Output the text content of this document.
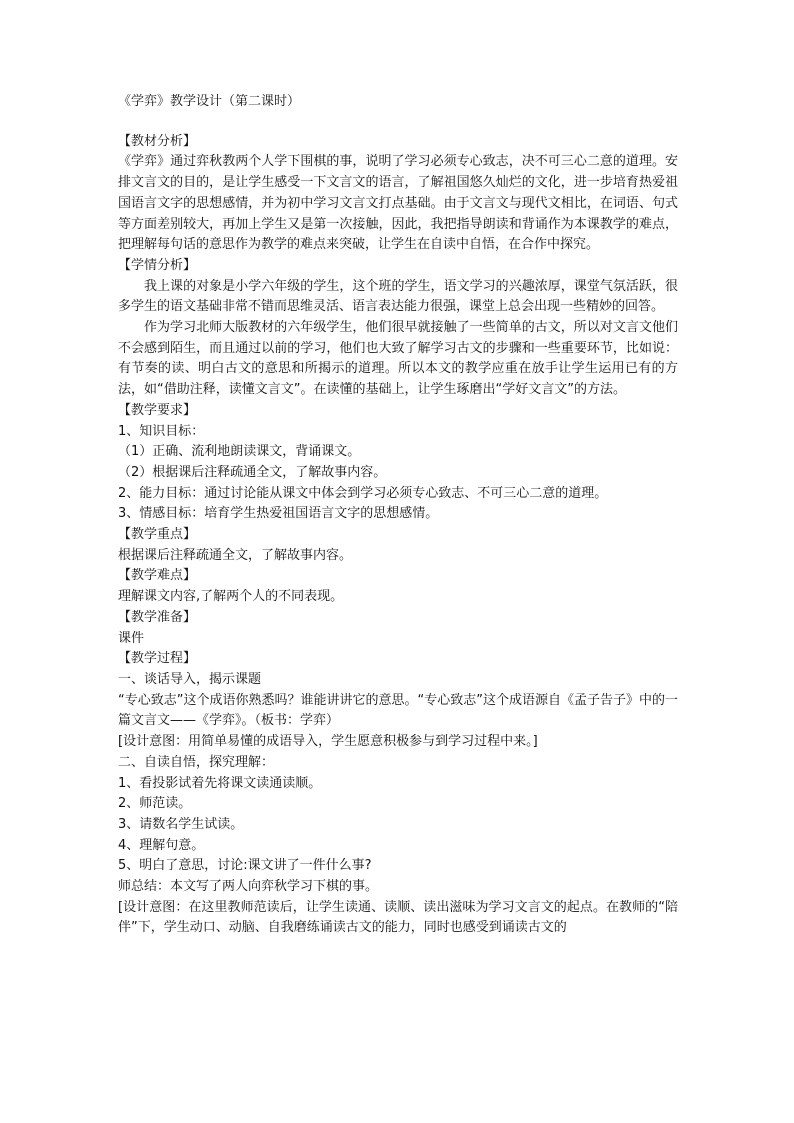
《学弈》教学设计（第二课时）

【教材分析】

《学弈》通过弈秋教两个人学下围棋的事，说明了学习必须专心致志，决不可三心二意的道理。安排文言文的目的，是让学生感受一下文言文的语言，了解祖国悠久灿烂的文化，进一步培育热爱祖国语言文字的思想感情，并为初中学习文言文打点基础。由于文言文与现代文相比，在词语、句式等方面差别较大，再加上学生又是第一次接触，因此，我把指导朗读和背诵作为本课教学的难点，把理解每句话的意思作为教学的难点来突破，让学生在自读中自悟，在合作中探究。

【学情分析】

我上课的对象是小学六年级的学生，这个班的学生，语文学习的兴趣浓厚，课堂气氛活跃，很多学生的语文基础非常不错而思维灵活、语言表达能力很强，课堂上总会出现一些精妙的回答。

作为学习北师大版教材的六年级学生，他们很早就接触了一些简单的古文，所以对文言文他们不会感到陌生，而且通过以前的学习，他们也大致了解学习古文的步骤和一些重要环节，比如说：有节奏的读、明白古文的意思和所揭示的道理。所以本文的教学应重在放手让学生运用已有的方法，如“借助注释，读懂文言文”。在读懂的基础上，让学生琢磨出“学好文言文”的方法。

【教学要求】

1、知识目标：

（1）正确、流利地朗读课文，背诵课文。

（2）根据课后注释疏通全文，了解故事内容。

2、能力目标：通过讨论能从课文中体会到学习必须专心致志、不可三心二意的道理。

3、情感目标：培育学生热爱祖国语言文字的思想感情。

【教学重点】

根据课后注释疏通全文，了解故事内容。

【教学难点】

理解课文内容,了解两个人的不同表现。

【教学准备】

课件

【教学过程】

一、谈话导入，揭示课题

“专心致志”这个成语你熟悉吗？谁能讲讲它的意思。“专心致志”这个成语源自《孟子告子》中的一篇文言文——《学弈》。（板书：学弈）

[设计意图：用简单易懂的成语导入，学生愿意积极参与到学习过程中来。]

二、自读自悟，探究理解：

1、看投影试着先将课文读通读顺。

2、师范读。

3、请数名学生试读。

4、理解句意。

5、明白了意思，讨论:课文讲了一件什么事?

师总结：本文写了两人向弈秋学习下棋的事。

[设计意图：在这里教师范读后，让学生读通、读顺、读出滋味为学习文言文的起点。在教师的“陪伴”下，学生动口、动脑、自我磨练诵读古文的能力，同时也感受到诵读古文的
